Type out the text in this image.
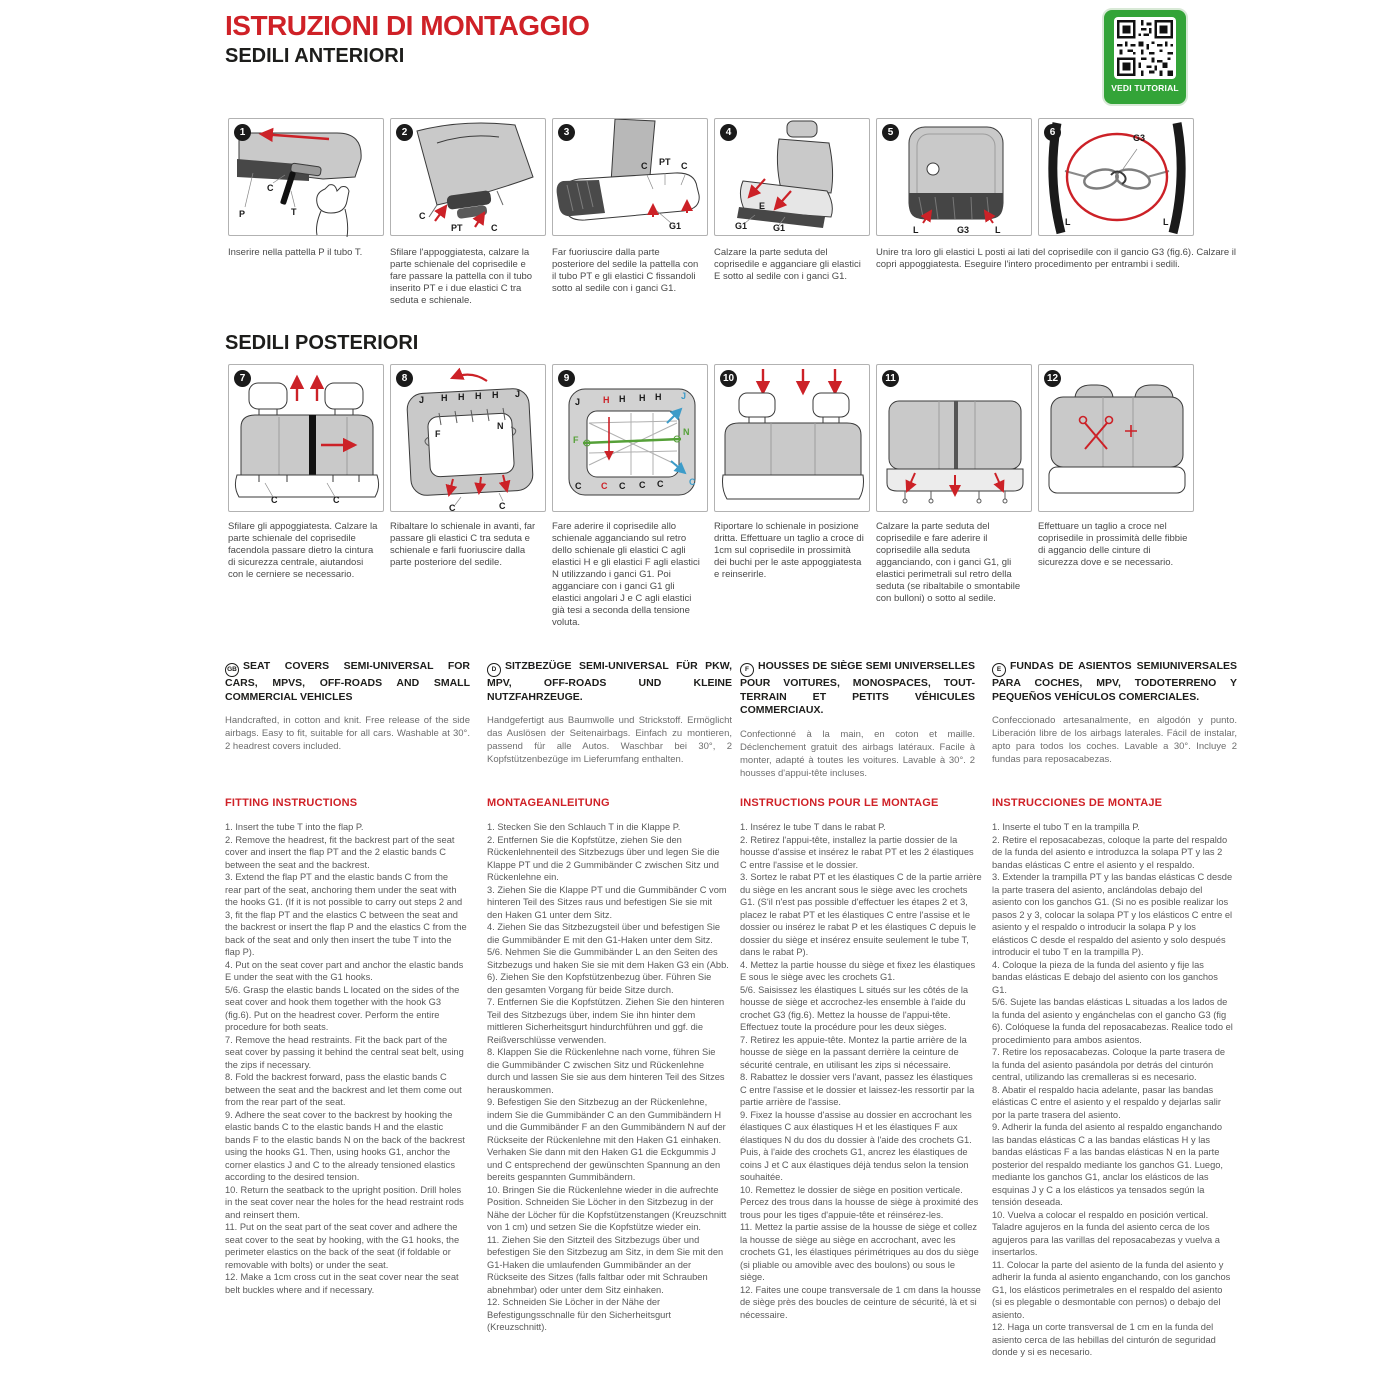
ISTRUZIONI DI MONTAGGIO
SEDILI ANTERIORI
VEDI TUTORIAL
1
P
C
T
2
C
PT	C
3
C PT C
G1
4
E
G1	G1
5
L	G3	L
6	G3
L	L
Inserire nella pattella P il tubo T.	Sfilare l'appoggiatesta, calzare la parte schienale del coprisedile e fare passare la pattella con il tubo inserito PT e i due elastici C tra seduta e schienale.
Far fuoriuscire dalla parte posteriore del sedile la pattella con il tubo PT e gli elastici C fissandoli sotto al sedile con i ganci G1.
Calzare la parte seduta del coprisedile e agganciare gli elastici E sotto al sedile con i ganci G1.
Unire tra loro gli elastici L posti ai lati del coprisedile con il gancio G3 (fig.6). Calzare il copri appoggiatesta. Eseguire l'intero procedimento per entrambi i sedili.
SEDILI POSTERIORI
7
C	C
8
J H H H H J
F
N
C	C
9
J	H H H H J
F
N
C C C C C	C
10	11	12
Sfilare gli appoggiatesta. Calzare la parte schienale del coprisedile facendola passare dietro la cintura di sicurezza centrale, aiutandosi con le cerniere se necessario.
Ribaltare lo schienale in avanti, far passare gli elastici C tra seduta e schienale e farli fuoriuscire dalla parte posteriore del sedile.
Fare aderire il coprisedile allo schienale agganciando sul retro dello schienale gli elastici C agli elastici H e gli elastici F agli elastici N utilizzando i ganci G1. Poi agganciare con i ganci G1 gli elastici angolari J e C agli elastici già tesi a seconda della tensione voluta.
Riportare lo schienale in posizione dritta. Effettuare un taglio a croce di 1cm sul coprisedile in prossimità dei buchi per le aste appoggiatesta e reinserirle.
Calzare la parte seduta del coprisedile e fare aderire il coprisedile alla seduta agganciando, con i ganci G1, gli elastici perimetrali sul retro della seduta (se ribaltabile o smontabile con bulloni) o sotto al sedile.
Effettuare un taglio a croce nel coprisedile in prossimità delle fibbie di aggancio delle cinture di sicurezza dove e se necessario.
GB SEAT COVERS SEMI-UNIVERSAL FOR CARS, MPVS, OFF-ROADS AND SMALL COMMERCIAL VEHICLES
Handcrafted, in cotton and knit. Free release of the side airbags. Easy to fit, suitable for all cars. Washable at 30°. 2 headrest covers included.
D SITZBEZÜGE SEMI-UNIVERSAL FÜR PKW, MPV, OFF-ROADS UND KLEINE NUTZFAHRZEUGE.
Handgefertigt aus Baumwolle und Strickstoff. Ermöglicht das Auslösen der Seitenairbags. Einfach zu montieren, passend für alle Autos. Waschbar bei 30°, 2 Kopfstützenbezüge im Lieferumfang enthalten.
F HOUSSES DE SIÈGE SEMI UNIVERSELLES POUR VOITURES, MONOSPACES, TOUT-TERRAIN ET PETITS VÉHICULES COMMERCIAUX.
Confectionné à la main, en coton et maille. Déclenchement gratuit des airbags latéraux. Facile à monter, adapté à toutes les voitures. Lavable à 30°. 2 housses d'appui-tête incluses.
E FUNDAS DE ASIENTOS SEMIUNIVERSALES PARA COCHES, MPV, TODOTERRENO Y PEQUEÑOS VEHÍCULOS COMERCIALES.
Confeccionado artesanalmente, en algodón y punto. Liberación libre de los airbags laterales. Fácil de instalar, apto para todos los coches. Lavable a 30°. Incluye 2 fundas para reposacabezas.
FITTING INSTRUCTIONS

1. Insert the tube T into the flap P.

2. Remove the headrest, fit the backrest part of the seat cover and insert the flap PT and the 2 elastic bands C between the seat and the backrest.

3. Extend the flap PT and the elastic bands C from the rear part of the seat, anchoring them under the seat with the hooks G1. (If it is not possible to carry out steps 2 and 3, fit the flap PT and the elastics C between the seat and the backrest or insert the flap P and the elastics C from the back of the seat and only then insert the tube T into the flap P).

4. Put on the seat cover part and anchor the elastic bands E under the seat with the G1 hooks.

5/6. Grasp the elastic bands L located on the sides of the seat cover and hook them together with the hook G3 (fig.6). Put on the headrest cover. Perform the entire procedure for both seats.

7. Remove the head restraints. Fit the back part of the seat cover by passing it behind the central seat belt, using the zips if necessary.

8. Fold the backrest forward, pass the elastic bands C between the seat and the backrest and let them come out from the rear part of the seat.

9. Adhere the seat cover to the backrest by hooking the elastic bands C to the elastic bands H and the elastic bands F to the elastic bands N on the back of the backrest using the hooks G1. Then, using hooks G1, anchor the corner elastics J and C to the already tensioned elastics according to the desired tension.

10. Return the seatback to the upright position. Drill holes in the seat cover near the holes for the head restraint rods and reinsert them.

11. Put on the seat part of the seat cover and adhere the seat cover to the seat by hooking, with the G1 hooks, the perimeter elastics on the back of the seat (if foldable or removable with bolts) or under the seat.

12. Make a 1cm cross cut in the seat cover near the seat belt buckles where and if necessary.

MONTAGEANLEITUNG

1. Stecken Sie den Schlauch T in die Klappe P.

2. Entfernen Sie die Kopfstütze, ziehen Sie den Rückenlehnenteil des Sitzbezugs über und legen Sie die Klappe PT und die 2 Gummibänder C zwischen Sitz und Rückenlehne ein.

3. Ziehen Sie die Klappe PT und die Gummibänder C vom hinteren Teil des Sitzes raus und befestigen Sie sie mit den Haken G1 unter dem Sitz.

4. Ziehen Sie das Sitzbezugsteil über und befestigen Sie die Gummibänder E mit den G1-Haken unter dem Sitz.

5/6. Nehmen Sie die Gummibänder L an den Seiten des Sitzbezugs und haken Sie sie mit dem Haken G3 ein (Abb. 6). Ziehen Sie den Kopfstützenbezug über. Führen Sie den gesamten Vorgang für beide Sitze durch.

7. Entfernen Sie die Kopfstützen. Ziehen Sie den hinteren Teil des Sitzbezugs über, indem Sie ihn hinter dem mittleren Sicherheitsgurt hindurchführen und ggf. die Reißverschlüsse verwenden.

8. Klappen Sie die Rückenlehne nach vorne, führen Sie die Gummibänder C zwischen Sitz und Rückenlehne durch und lassen Sie sie aus dem hinteren Teil des Sitzes herauskommen.

9. Befestigen Sie den Sitzbezug an der Rückenlehne, indem Sie die Gummibänder C an den Gummibändern H und die Gummibänder F an den Gummibändern N auf der Rückseite der Rückenlehne mit den Haken G1 einhaken. Verhaken Sie dann mit den Haken G1 die Eckgummis J und C entsprechend der gewünschten Spannung an den bereits gespannten Gummibändern.

10. Bringen Sie die Rückenlehne wieder in die aufrechte Position. Schneiden Sie Löcher in den Sitzbezug in der Nähe der Löcher für die Kopfstützenstangen (Kreuzschnitt von 1 cm) und setzen Sie die Kopfstütze wieder ein.

11. Ziehen Sie den Sitzteil des Sitzbezugs über und befestigen Sie den Sitzbezug am Sitz, in dem Sie mit den G1-Haken die umlaufenden Gummibänder an der Rückseite des Sitzes (falls faltbar oder mit Schrauben abnehmbar) oder unter dem Sitz einhaken.

12. Schneiden Sie Löcher in der Nähe der Befestigungsschnalle für den Sicherheitsgurt (Kreuzschnitt).

INSTRUCTIONS POUR LE MONTAGE

1. Insérez le tube T dans le rabat P.

2. Retirez l'appui-tête, installez la partie dossier de la housse d'assise et insérez le rabat PT et les 2 élastiques C entre l'assise et le dossier.

3. Sortez le rabat PT et les élastiques C de la partie arrière du siège en les ancrant sous le siège avec les crochets G1. (S'il n'est pas possible d'effectuer les étapes 2 et 3, placez le rabat PT et les élastiques C entre l'assise et le dossier ou insérez le rabat P et les élastiques C depuis le dossier du siège et insérez ensuite seulement le tube T, dans le rabat P).

4. Mettez la partie housse du siège et fixez les élastiques E sous le siège avec les crochets G1.

5/6. Saisissez les élastiques L situés sur les côtés de la housse de siège et accrochez-les ensemble à l'aide du crochet G3 (fig.6). Mettez la housse de l'appui-tête. Effectuez toute la procédure pour les deux sièges.

7. Retirez les appuie-tête. Montez la partie arrière de la housse de siège en la passant derrière la ceinture de sécurité centrale, en utilisant les zips si nécessaire.

8. Rabattez le dossier vers l'avant, passez les élastiques C entre l'assise et le dossier et laissez-les ressortir par la partie arrière de l'assise.

9. Fixez la housse d'assise au dossier en accrochant les élastiques C aux élastiques H et les élastiques F aux élastiques N du dos du dossier à l'aide des crochets G1. Puis, à l'aide des crochets G1, ancrez les élastiques de coins J et C aux élastiques déjà tendus selon la tension souhaitée.

10. Remettez le dossier de siège en position verticale. Percez des trous dans la housse de siège à proximité des trous pour les tiges d'appuie-tête et réinsérez-les.

11. Mettez la partie assise de la housse de siège et collez la housse de siège au siège en accrochant, avec les crochets G1, les élastiques périmétriques au dos du siège (si pliable ou amovible avec des boulons) ou sous le siège.

12. Faites une coupe transversale de 1 cm dans la housse de siège près des boucles de ceinture de sécurité, là et si nécessaire.

INSTRUCCIONES DE MONTAJE

1. Inserte el tubo T en la trampilla P.

2. Retire el reposacabezas, coloque la parte del respaldo de la funda del asiento e introduzca la solapa PT y las 2 bandas elásticas C entre el asiento y el respaldo.

3. Extender la trampilla PT y las bandas elásticas C desde la parte trasera del asiento, anclándolas debajo del asiento con los ganchos G1. (Si no es posible realizar los pasos 2 y 3, colocar la solapa PT y los elásticos C entre el asiento y el respaldo o introducir la solapa P y los elásticos C desde el respaldo del asiento y solo después introducir el tubo T en la trampilla P).

4. Coloque la pieza de la funda del asiento y fije las bandas elásticas E debajo del asiento con los ganchos G1.

5/6. Sujete las bandas elásticas L situadas a los lados de la funda del asiento y engánchelas con el gancho G3 (fig 6). Colóquese la funda del reposacabezas. Realice todo el procedimiento para ambos asientos.

7. Retire los reposacabezas. Coloque la parte trasera de la funda del asiento pasándola por detrás del cinturón central, utilizando las cremalleras si es necesario.

8. Abatir el respaldo hacia adelante, pasar las bandas elásticas C entre el asiento y el respaldo y dejarlas salir por la parte trasera del asiento.

9. Adherir la funda del asiento al respaldo enganchando las bandas elásticas C a las bandas elásticas H y las bandas elásticas F a las bandas elásticas N en la parte posterior del respaldo mediante los ganchos G1. Luego, mediante los ganchos G1, anclar los elásticos de las esquinas J y C a los elásticos ya tensados según la tensión deseada.

10. Vuelva a colocar el respaldo en posición vertical. Taladre agujeros en la funda del asiento cerca de los agujeros para las varillas del reposacabezas y vuelva a insertarlos.

11. Colocar la parte del asiento de la funda del asiento y adherir la funda al asiento enganchando, con los ganchos G1, los elásticos perimetrales en el respaldo del asiento (si es plegable o desmontable con pernos) o debajo del asiento.

12. Haga un corte transversal de 1 cm en la funda del asiento cerca de las hebillas del cinturón de seguridad donde y si es necesario.
